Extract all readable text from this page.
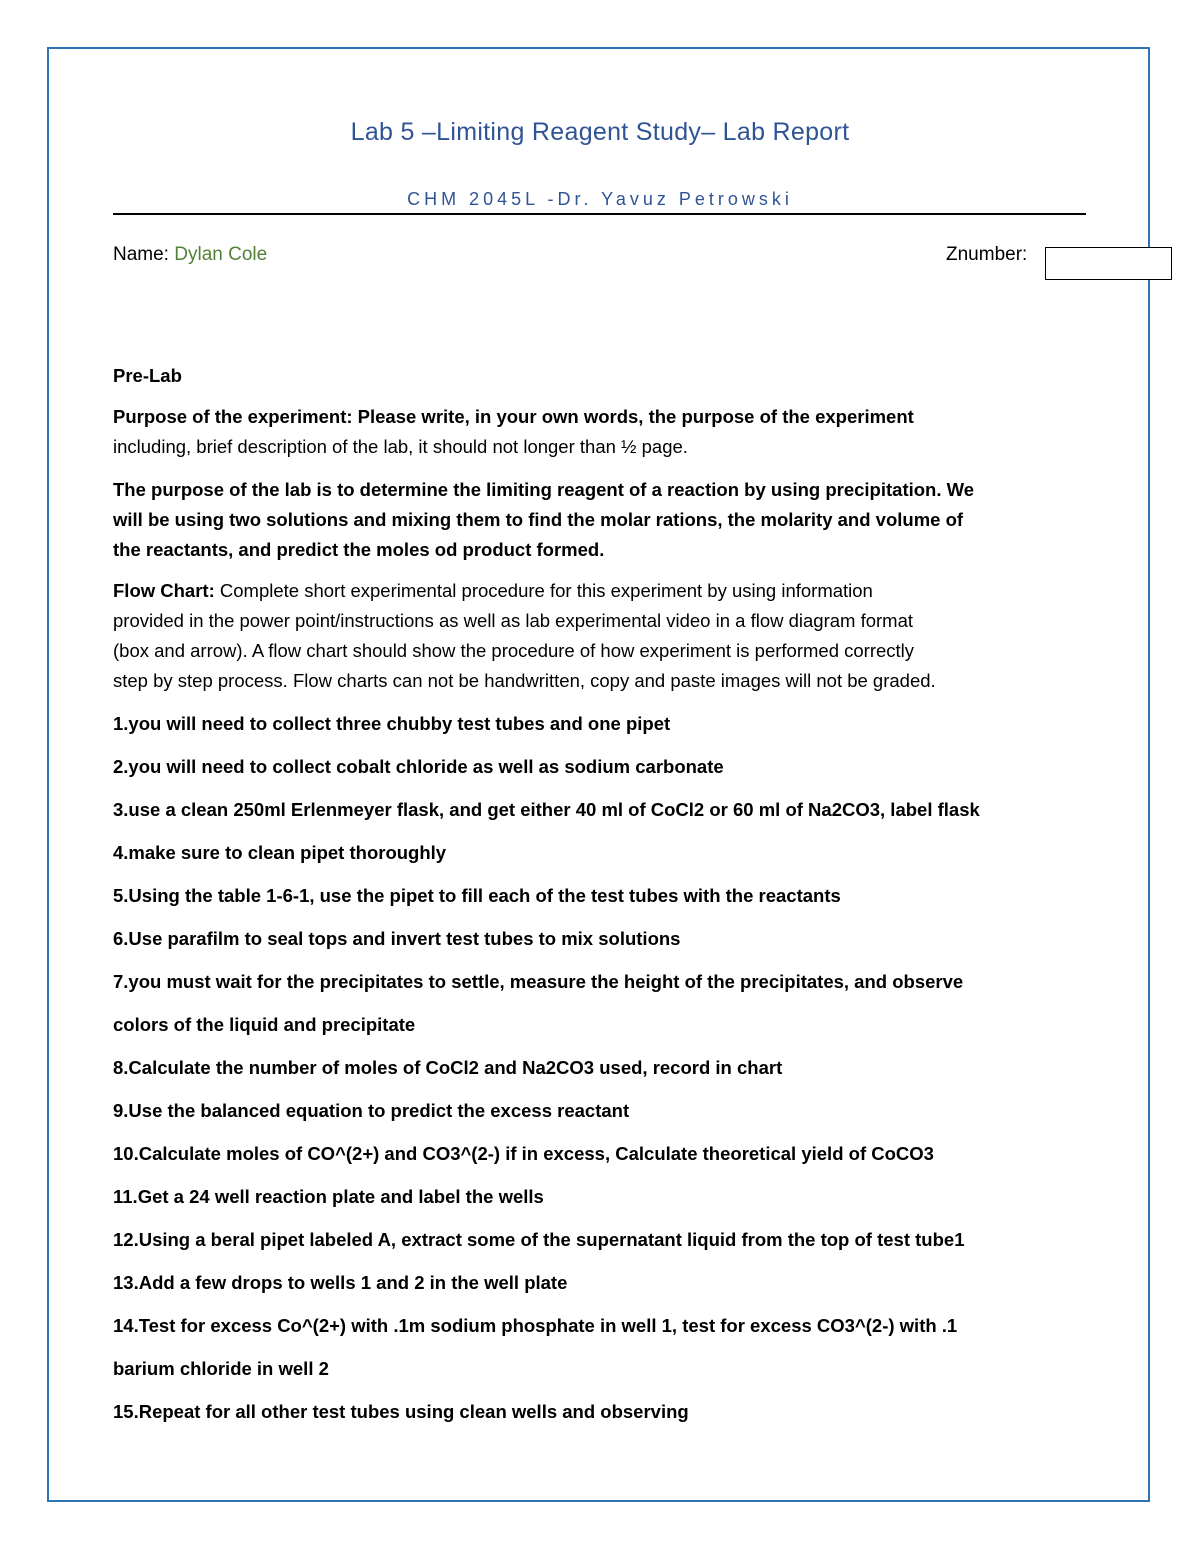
Lab 5 –Limiting Reagent Study– Lab Report
CHM 2045L -Dr. Yavuz Petrowski
Name: Dylan Cole	Znumber:
Pre-Lab
Purpose of the experiment: Please write, in your own words, the purpose of the experiment
including, brief description of the lab, it should not longer than ½ page.
The purpose of the lab is to determine the limiting reagent of a reaction by using precipitation. We
will be using two solutions and mixing them to find the molar rations, the molarity and volume of
the reactants, and predict the moles od product formed.
Flow Chart: Complete short experimental procedure for this experiment by using information
provided in the power point/instructions as well as lab experimental video in a flow diagram format
(box and arrow). A flow chart should show the procedure of how experiment is performed correctly
step by step process. Flow charts can not be handwritten, copy and paste images will not be graded.
1.you will need to collect three chubby test tubes and one pipet
2.you will need to collect cobalt chloride as well as sodium carbonate
3.use a clean 250ml Erlenmeyer flask, and get either 40 ml of CoCl2 or 60 ml of Na2CO3, label flask
4.make sure to clean pipet thoroughly
5.Using the table 1-6-1, use the pipet to fill each of the test tubes with the reactants
6.Use parafilm to seal tops and invert test tubes to mix solutions
7.you must wait for the precipitates to settle, measure the height of the precipitates, and observe
colors of the liquid and precipitate
8.Calculate the number of moles of CoCl2 and Na2CO3 used, record in chart
9.Use the balanced equation to predict the excess reactant
10.Calculate moles of CO^(2+) and CO3^(2-) if in excess, Calculate theoretical yield of CoCO3
11.Get a 24 well reaction plate and label the wells
12.Using a beral pipet labeled A, extract some of the supernatant liquid from the top of test tube1
13.Add a few drops to wells 1 and 2 in the well plate
14.Test for excess Co^(2+) with .1m sodium phosphate in well 1, test for excess CO3^(2-) with .1
barium chloride in well 2
15.Repeat for all other test tubes using clean wells and observing
